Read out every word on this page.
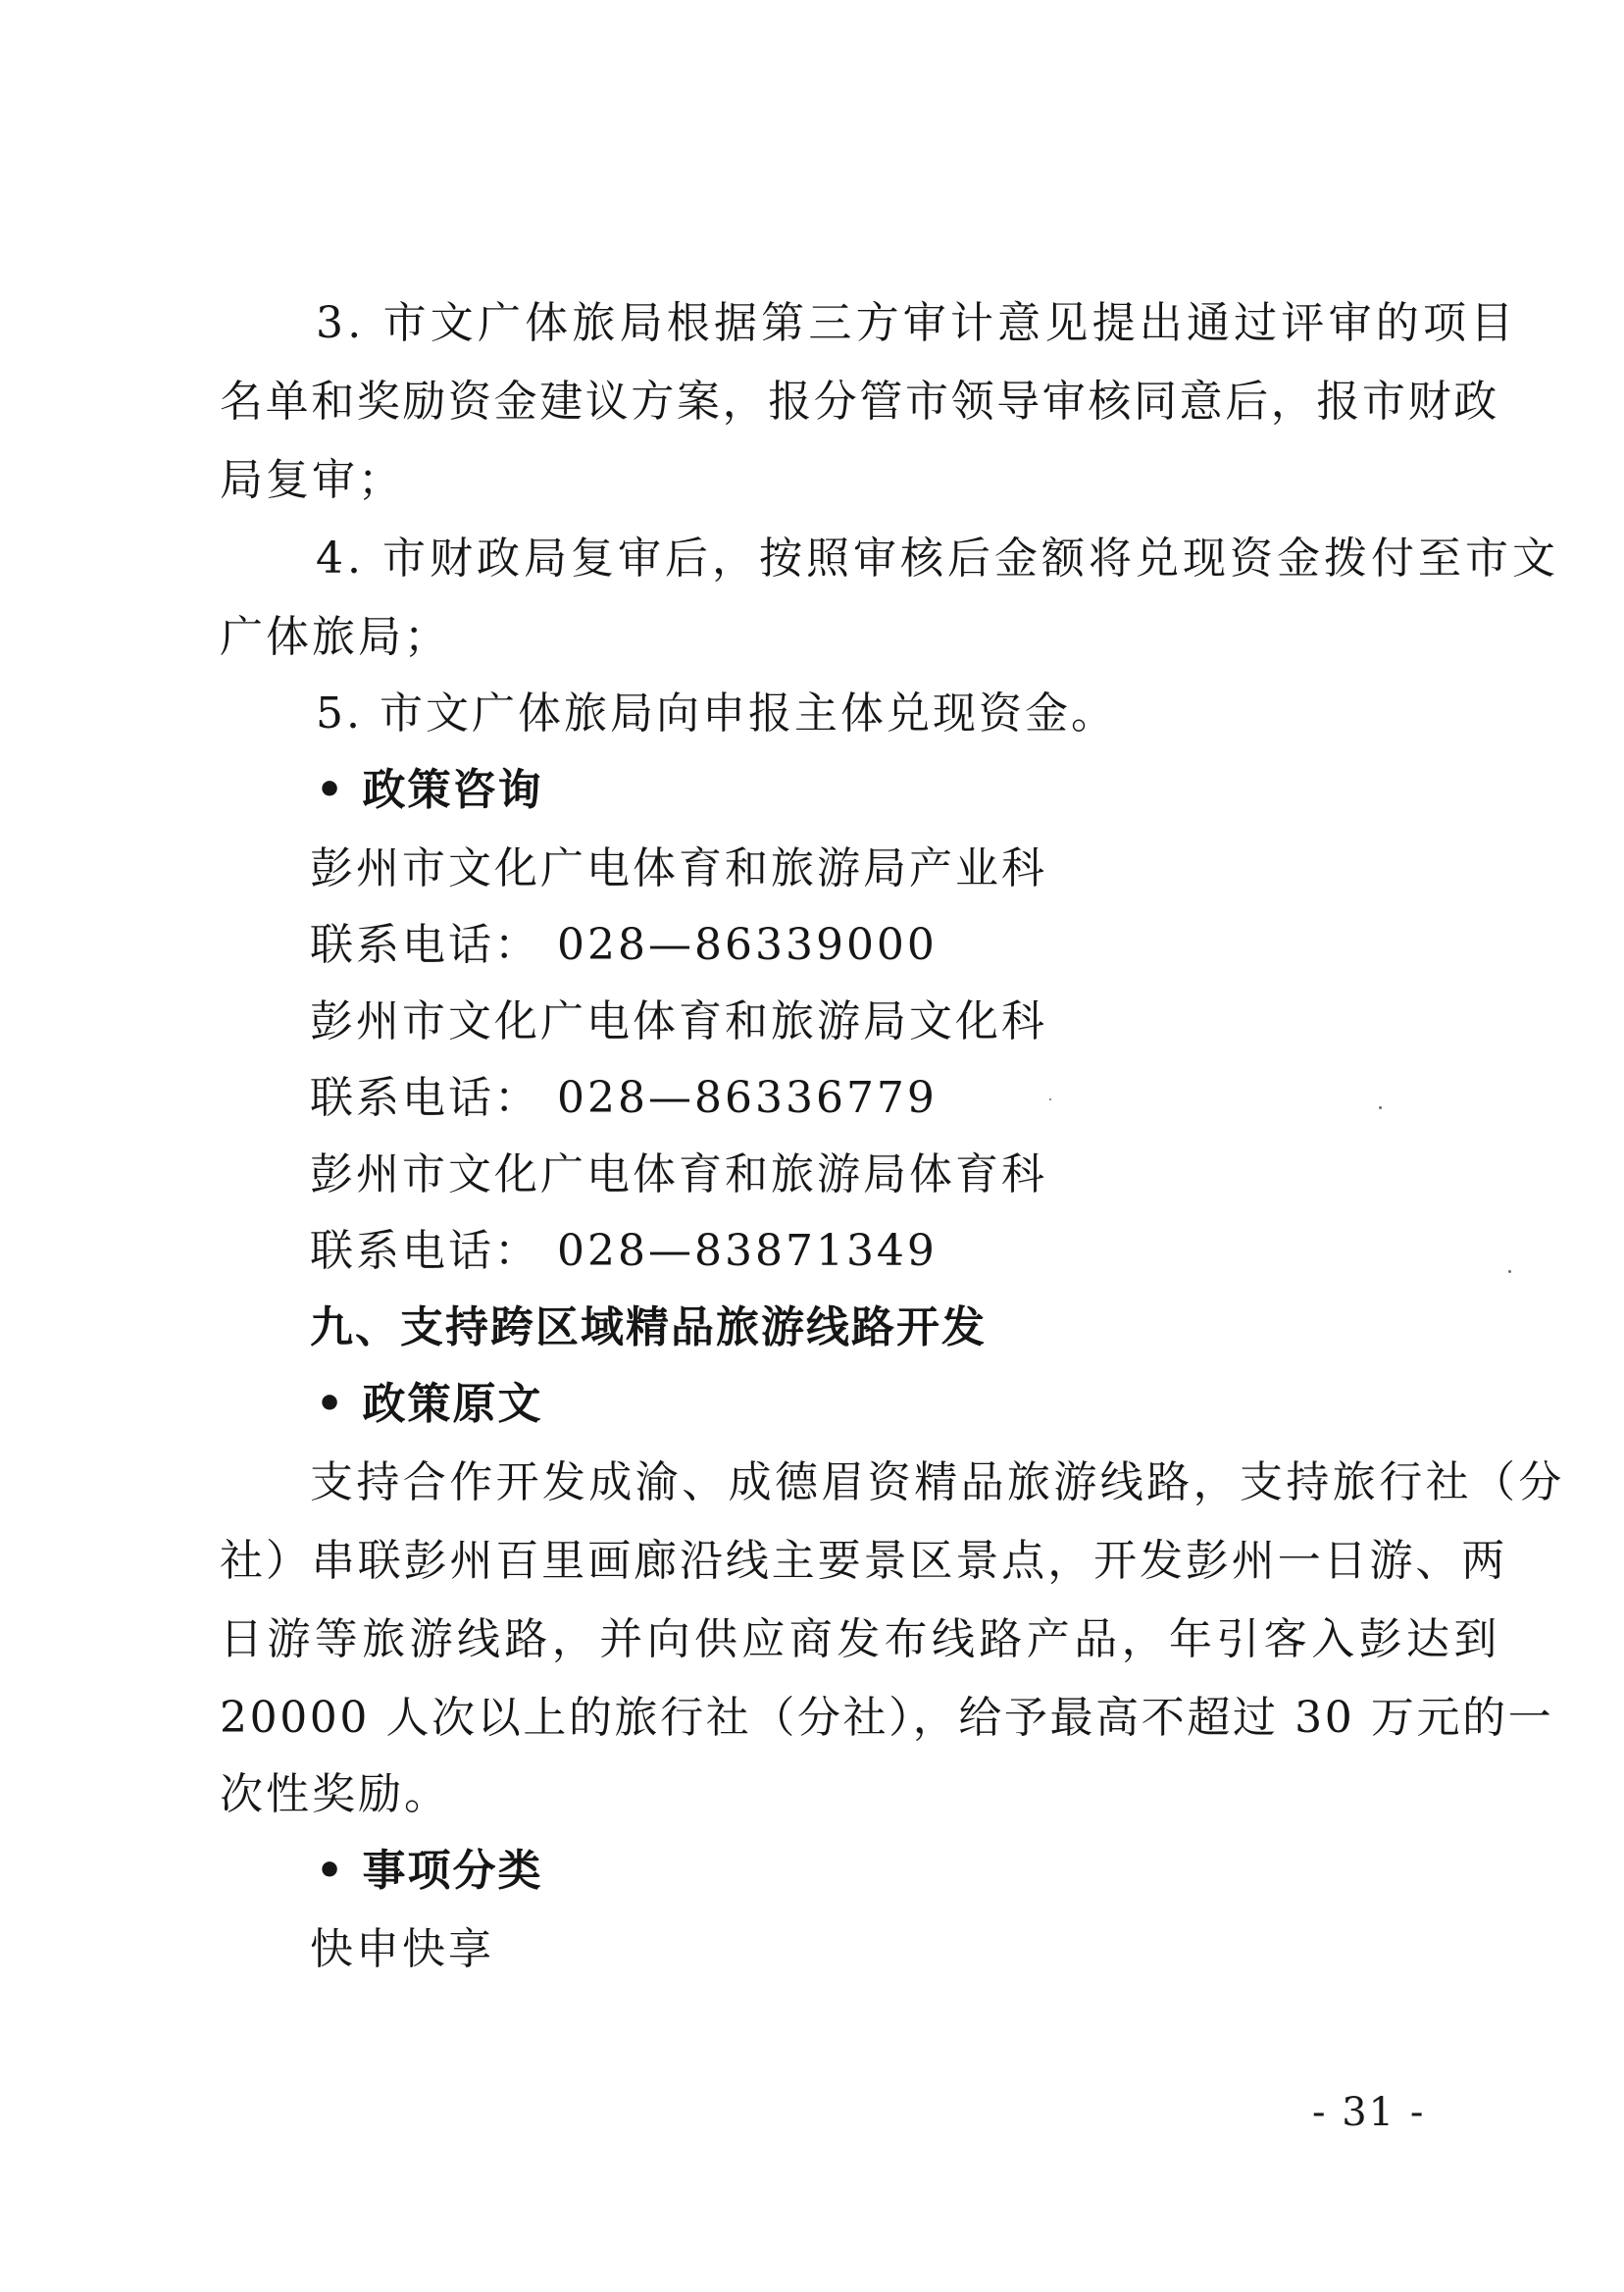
3. 市文广体旅局根据第三方审计意见提出通过评审的项目
名单和奖励资金建议方案，报分管市领导审核同意后，报市财政
局复审；
4. 市财政局复审后，按照审核后金额将兑现资金拨付至市文
广体旅局；
5. 市文广体旅局向申报主体兑现资金。
• 政策咨询
彭州市文化广电体育和旅游局产业科
联系电话： 028—86339000
彭州市文化广电体育和旅游局文化科
联系电话： 028—86336779
彭州市文化广电体育和旅游局体育科
联系电话： 028—83871349
九、支持跨区域精品旅游线路开发
• 政策原文
支持合作开发成渝、成德眉资精品旅游线路，支持旅行社（分
社）串联彭州百里画廊沿线主要景区景点，开发彭州一日游、两
日游等旅游线路，并向供应商发布线路产品，年引客入彭达到
20000 人次以上的旅行社（分社），给予最高不超过 30 万元的一
次性奖励。
• 事项分类
快申快享
- 31 -
